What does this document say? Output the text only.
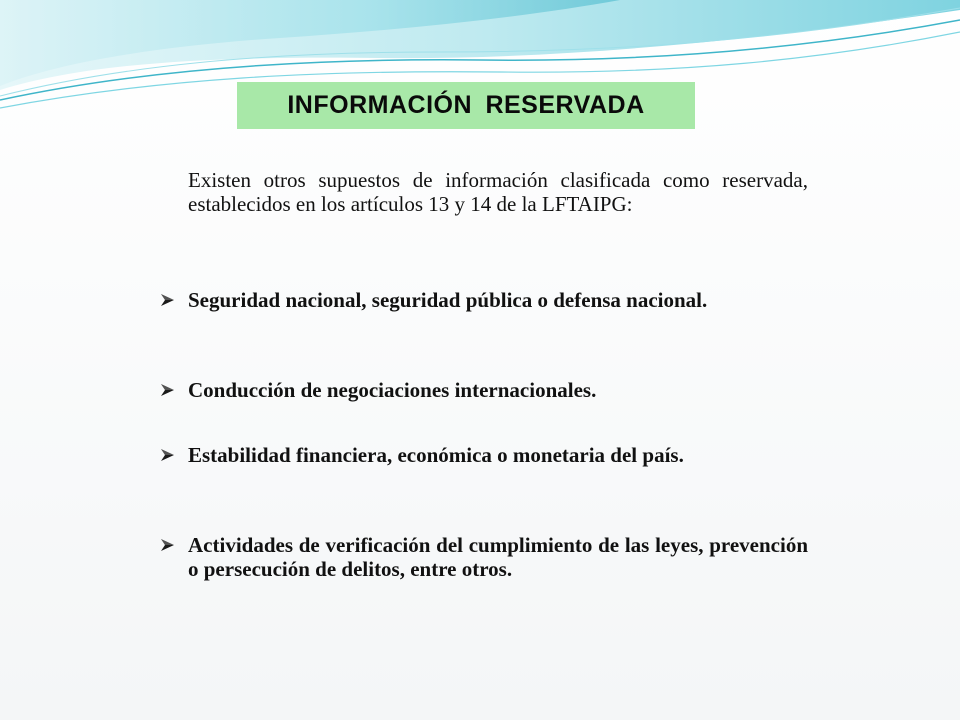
INFORMACIÓN RESERVADA
Existen otros supuestos de información clasificada como reservada, establecidos en los artículos 13 y 14 de la LFTAIPG:
Seguridad nacional, seguridad pública o defensa nacional.
Conducción de negociaciones internacionales.
Estabilidad financiera, económica o monetaria del país.
Actividades de verificación del cumplimiento de las leyes, prevención o persecución de delitos, entre otros.
